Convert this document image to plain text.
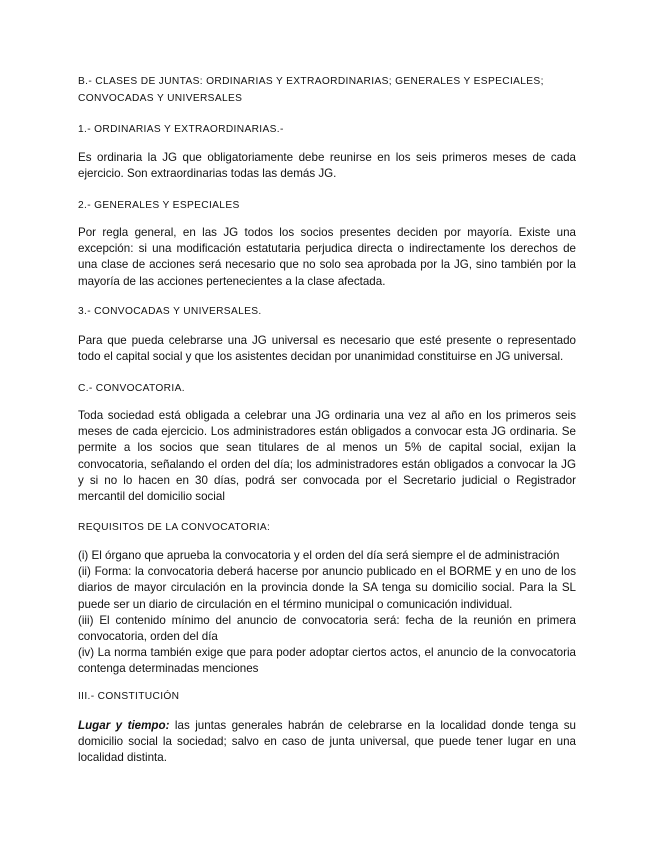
B.- CLASES DE JUNTAS: ORDINARIAS Y EXTRAORDINARIAS; GENERALES Y ESPECIALES; CONVOCADAS Y UNIVERSALES

1.- ORDINARIAS Y EXTRAORDINARIAS.-

Es ordinaria la JG que obligatoriamente debe reunirse en los seis primeros meses de cada ejercicio. Son extraordinarias todas las demás JG.

2.- GENERALES Y ESPECIALES

Por regla general, en las JG todos los socios presentes deciden por mayoría. Existe una excepción: si una modificación estatutaria perjudica directa o indirectamente los derechos de una clase de acciones será necesario que no solo sea aprobada por la JG, sino también por la mayoría de las acciones pertenecientes a la clase afectada.

3.- CONVOCADAS Y UNIVERSALES.

Para que pueda celebrarse una JG universal es necesario que esté presente o representado todo el capital social y que los asistentes decidan por unanimidad constituirse en JG universal.

C.- CONVOCATORIA.

Toda sociedad está obligada a celebrar una JG ordinaria una vez al año en los primeros seis meses de cada ejercicio. Los administradores están obligados a convocar esta JG ordinaria. Se permite a los socios que sean titulares de al menos un 5% de capital social, exijan la convocatoria, señalando el orden del día; los administradores están obligados a convocar la JG y si no lo hacen en 30 días, podrá ser convocada por el Secretario judicial o Registrador mercantil del domicilio social

REQUISITOS DE LA CONVOCATORIA:

(i) El órgano que aprueba la convocatoria y el orden del día será siempre el de administración
(ii) Forma: la convocatoria deberá hacerse por anuncio publicado en el BORME y en uno de los diarios de mayor circulación en la provincia donde la SA tenga su domicilio social. Para la SL puede ser un diario de circulación en el término municipal o comunicación individual.
(iii) El contenido mínimo del anuncio de convocatoria será: fecha de la reunión en primera convocatoria, orden del día
(iv) La norma también exige que para poder adoptar ciertos actos, el anuncio de la convocatoria contenga determinadas menciones

III.- CONSTITUCIÓN

Lugar y tiempo: las juntas generales habrán de celebrarse en la localidad donde tenga su domicilio social la sociedad; salvo en caso de junta universal, que puede tener lugar en una localidad distinta.
